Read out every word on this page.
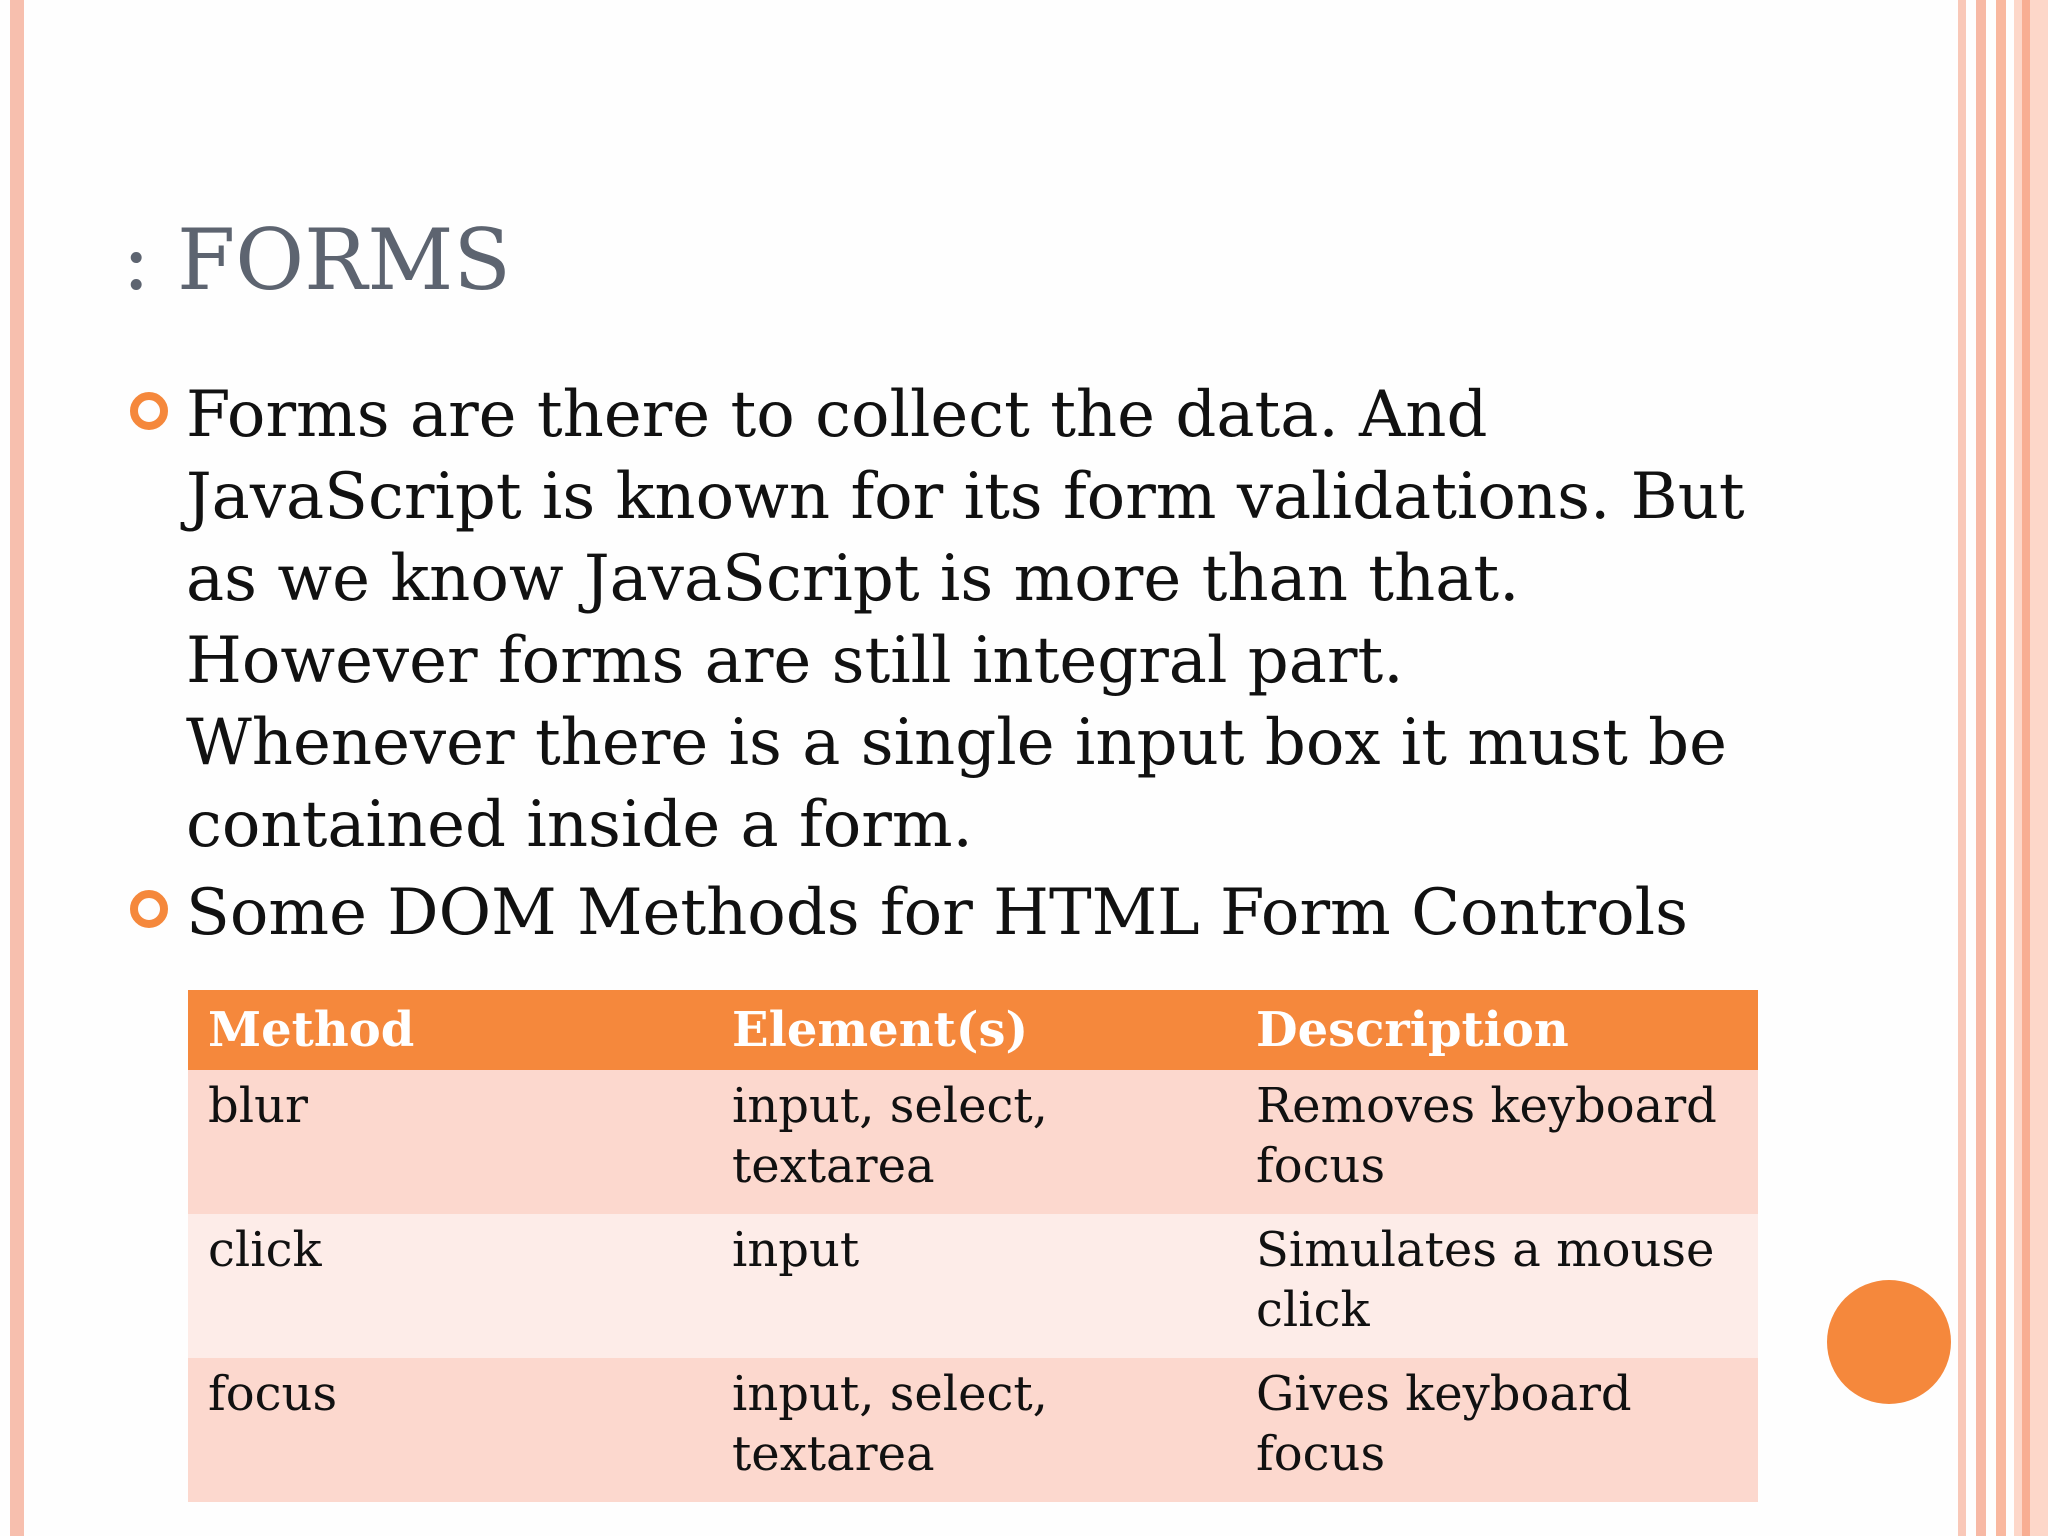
: FORMS
Forms are there to collect the data. And JavaScript is known for its form validations. But as we know JavaScript is more than that. However forms are still integral part. Whenever there is a single input box it must be contained inside a form.
Some DOM Methods for HTML Form Controls
Method	Element(s)	Description
blur	input, select, textarea	Removes keyboard focus
click	input	Simulates a mouse click
focus	input, select, textarea	Gives keyboard focus
